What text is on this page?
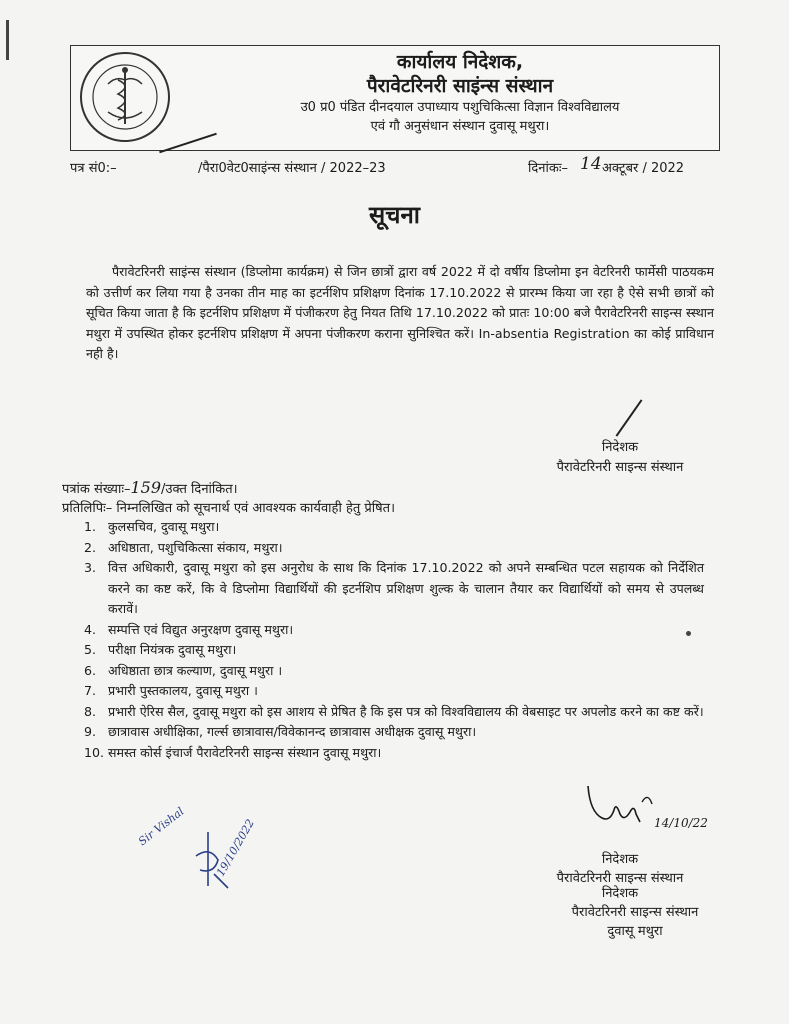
कार्यालय निदेशक,
पैरावेटरिनरी साइंन्स संस्थान
उ0 प्र0 पंडित दीनदयाल उपाध्याय पशुचिकित्सा विज्ञान विश्वविद्यालय
एवं गौ अनुसंधान संस्थान दुवासू मथुरा।
पत्र सं0:–	/पैरा0वेट0साइंन्स संस्थान / 2022–23	दिनांकः– 14 अक्टूबर / 2022
सूचना
पैरावेटरिनरी साइंन्स संस्थान (डिप्लोमा कार्यक्रम) से जिन छात्रों द्वारा वर्ष 2022 में दो वर्षीय डिप्लोमा इन वेटरिनरी फार्मेसी पाठयकम को उत्तीर्ण कर लिया गया है उनका तीन माह का इटर्नशिप प्रशिक्षण दिनांक 17.10.2022 से प्रारम्भ किया जा रहा है ऐसे सभी छात्रों को सूचित किया जाता है कि इटर्नशिप प्रशिक्षण में पंजीकरण हेतु नियत तिथि 17.10.2022 को प्रातः 10:00 बजे पैरावेटरिनरी साइन्स स्स्थान मथुरा में उपस्थित होकर इटर्नशिप प्रशिक्षण में अपना पंजीकरण कराना सुनिश्चित करें। In-absentia Registration का कोई प्राविधान नही है।
निदेशक
पैरावेटरिनरी साइन्स संस्थान
पत्रांक संख्याः–159/उक्त दिनांकित।
प्रतिलिपिः– निम्नलिखित को सूचनार्थ एवं आवश्यक कार्यवाही हेतु प्रेषित।
1. कुलसचिव, दुवासू मथुरा।
2. अधिष्ठाता, पशुचिकित्सा संकाय, मथुरा।
3. वित्त अधिकारी, दुवासू मथुरा को इस अनुरोध के साथ कि दिनांक 17.10.2022 को अपने सम्बन्धित पटल सहायक को निर्देशित करने का कष्ट करें, कि वे डिप्लोमा विद्यार्थियों की इटर्नशिप प्रशिक्षण शुल्क के चालान तैयार कर विद्यार्थियों को समय से उपलब्ध करावें।
4. सम्पत्ति एवं विद्युत अनुरक्षण दुवासू मथुरा।
5. परीक्षा नियंत्रक दुवासू मथुरा।
6. अधिष्ठाता छात्र कल्याण, दुवासू मथुरा ।
7. प्रभारी पुस्तकालय, दुवासू मथुरा ।
8. प्रभारी ऐरिस सैल, दुवासू मथुरा को इस आशय से प्रेषित है कि इस पत्र को विश्वविद्यालय की वेबसाइट पर अपलोड करने का कष्ट करें।
9. छात्रावास अधीक्षिका, गर्ल्स छात्रावास/विवेकानन्द छात्रावास अधीक्षक दुवासू मथुरा।
10. समस्त कोर्स इंचार्ज पैरावेटरिनरी साइन्स संस्थान दुवासू मथुरा।
Sir Vishal	19/10/2022	14/10/22
निदेशक
पैरावेटरिनरी साइन्स संस्थान
निदेशक
पैरावेटरिनरी साइन्स संस्थान
दुवासू मथुरा
